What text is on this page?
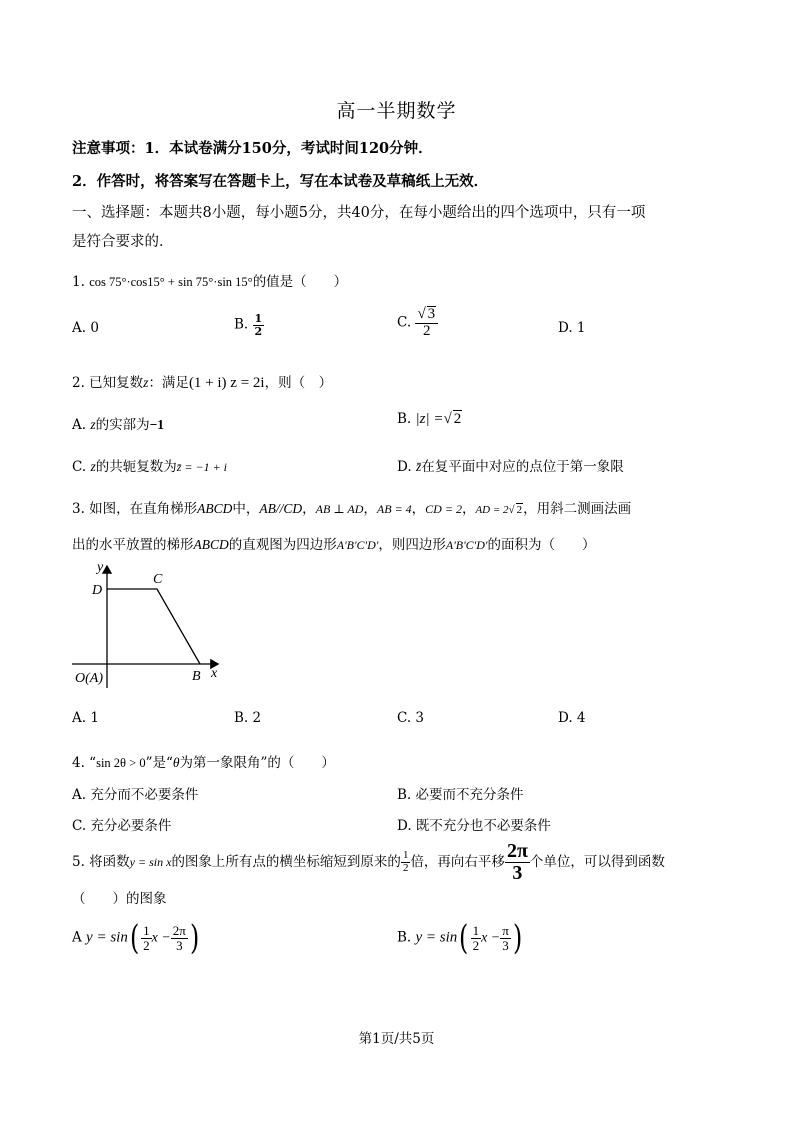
高一半期数学
注意事项：1．本试卷满分150分，考试时间120分钟．
2．作答时，将答案写在答题卡上，写在本试卷及草稿纸上无效．
一、选择题：本题共8小题，每小题5分，共40分，在每小题给出的四个选项中，只有一项
是符合要求的．
1. cos 75°·cos15° + sin 75°·sin 15°的值是（　　）
A. 0	B. $\frac{1}{2}$	C. $\frac{√ 3}{2}$	D. 1
2. 已知复数z：满足(1 + i) z = 2i，则（　）
A. z的实部为−1	B. |z| =√ 2
C. z的共轭复数为z̄ = −1 + i	D. z̄在复平面中对应的点位于第一象限
3. 如图，在直角梯形ABCD中，AB//CD，AB ⊥ AD，AB = 4，CD = 2，AD = 2√ 2，用斜二测画法画
出的水平放置的梯形ABCD的直观图为四边形A'B'C'D'，则四边形A'B'C'D'的面积为（　　）
y
x
D
C
B
O(A)
A. 1	B. 2	C. 3	D. 4
4. “sin 2θ > 0”是“θ为第一象限角”的（　　）
A. 充分而不必要条件	B. 必要而不充分条件
C. 充分必要条件	D. 既不充分也不必要条件
5. 将函数y = sin x的图象上所有点的横坐标缩短到原来的 $\frac{1}{2}$ 倍，再向右平移 $\frac{2\pi}{3}$ 个单位，可以得到函数
（　　）的图象
A $y = \sin( \frac{1}{2}$ $x - \frac{2\pi}{3}$ )	B. $y = \sin( \frac{1}{2}$ $x - \frac{\pi}{3}$ )
第1页/共5页
